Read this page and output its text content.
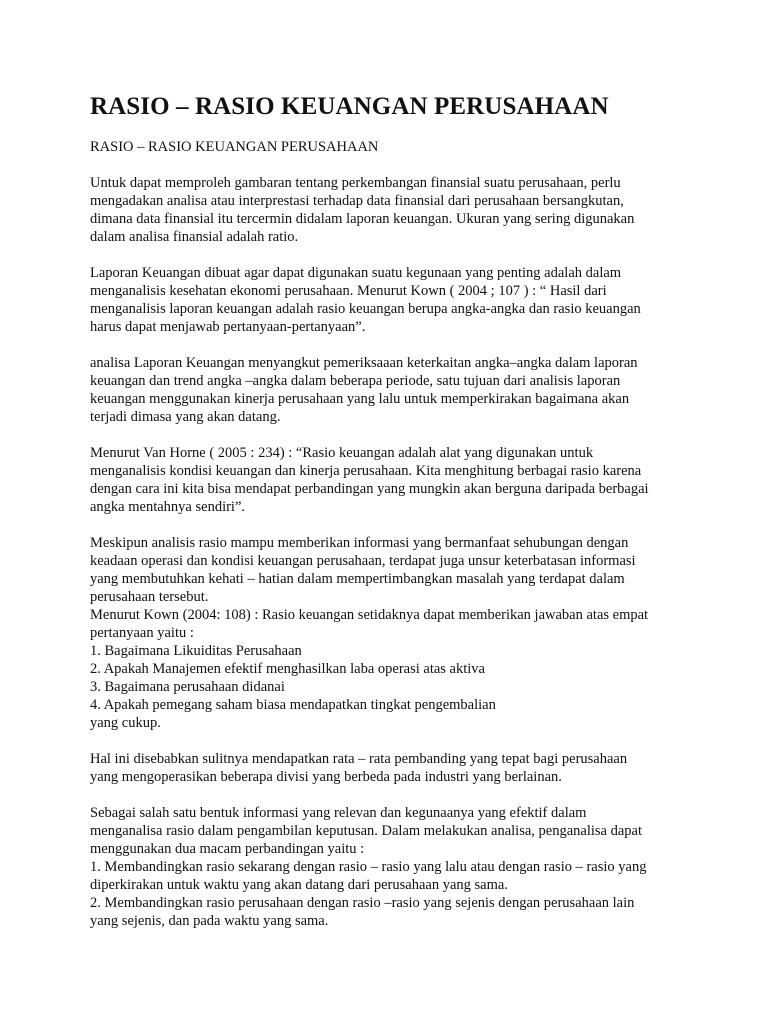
RASIO – RASIO KEUANGAN PERUSAHAAN

RASIO – RASIO KEUANGAN PERUSAHAAN

Untuk dapat memproleh gambaran tentang perkembangan finansial suatu perusahaan, perlu
mengadakan analisa atau interprestasi terhadap data finansial dari perusahaan bersangkutan,
dimana data finansial itu tercermin didalam laporan keuangan. Ukuran yang sering digunakan
dalam analisa finansial adalah ratio.

Laporan Keuangan dibuat agar dapat digunakan suatu kegunaan yang penting adalah dalam
menganalisis kesehatan ekonomi perusahaan. Menurut Kown ( 2004 ; 107 ) : “ Hasil dari
menganalisis laporan keuangan adalah rasio keuangan berupa angka-angka dan rasio keuangan
harus dapat menjawab pertanyaan-pertanyaan”.

analisa Laporan Keuangan menyangkut pemeriksaaan keterkaitan angka–angka dalam laporan
keuangan dan trend angka –angka dalam beberapa periode, satu tujuan dari analisis laporan
keuangan menggunakan kinerja perusahaan yang lalu untuk memperkirakan bagaimana akan
terjadi dimasa yang akan datang.

Menurut Van Horne ( 2005 : 234) : “Rasio keuangan adalah alat yang digunakan untuk
menganalisis kondisi keuangan dan kinerja perusahaan. Kita menghitung berbagai rasio karena
dengan cara ini kita bisa mendapat perbandingan yang mungkin akan berguna daripada berbagai
angka mentahnya sendiri”.

Meskipun analisis rasio mampu memberikan informasi yang bermanfaat sehubungan dengan
keadaan operasi dan kondisi keuangan perusahaan, terdapat juga unsur keterbatasan informasi
yang membutuhkan kehati – hatian dalam mempertimbangkan masalah yang terdapat dalam
perusahaan tersebut.
Menurut Kown (2004: 108) : Rasio keuangan setidaknya dapat memberikan jawaban atas empat
pertanyaan yaitu :
1. Bagaimana Likuiditas Perusahaan
2. Apakah Manajemen efektif menghasilkan laba operasi atas aktiva
3. Bagaimana perusahaan didanai
4. Apakah pemegang saham biasa mendapatkan tingkat pengembalian
yang cukup.

Hal ini disebabkan sulitnya mendapatkan rata – rata pembanding yang tepat bagi perusahaan
yang mengoperasikan beberapa divisi yang berbeda pada industri yang berlainan.

Sebagai salah satu bentuk informasi yang relevan dan kegunaanya yang efektif dalam
menganalisa rasio dalam pengambilan keputusan. Dalam melakukan analisa, penganalisa dapat
menggunakan dua macam perbandingan yaitu :
1. Membandingkan rasio sekarang dengan rasio – rasio yang lalu atau dengan rasio – rasio yang
diperkirakan untuk waktu yang akan datang dari perusahaan yang sama.
2. Membandingkan rasio perusahaan dengan rasio –rasio yang sejenis dengan perusahaan lain
yang sejenis, dan pada waktu yang sama.
